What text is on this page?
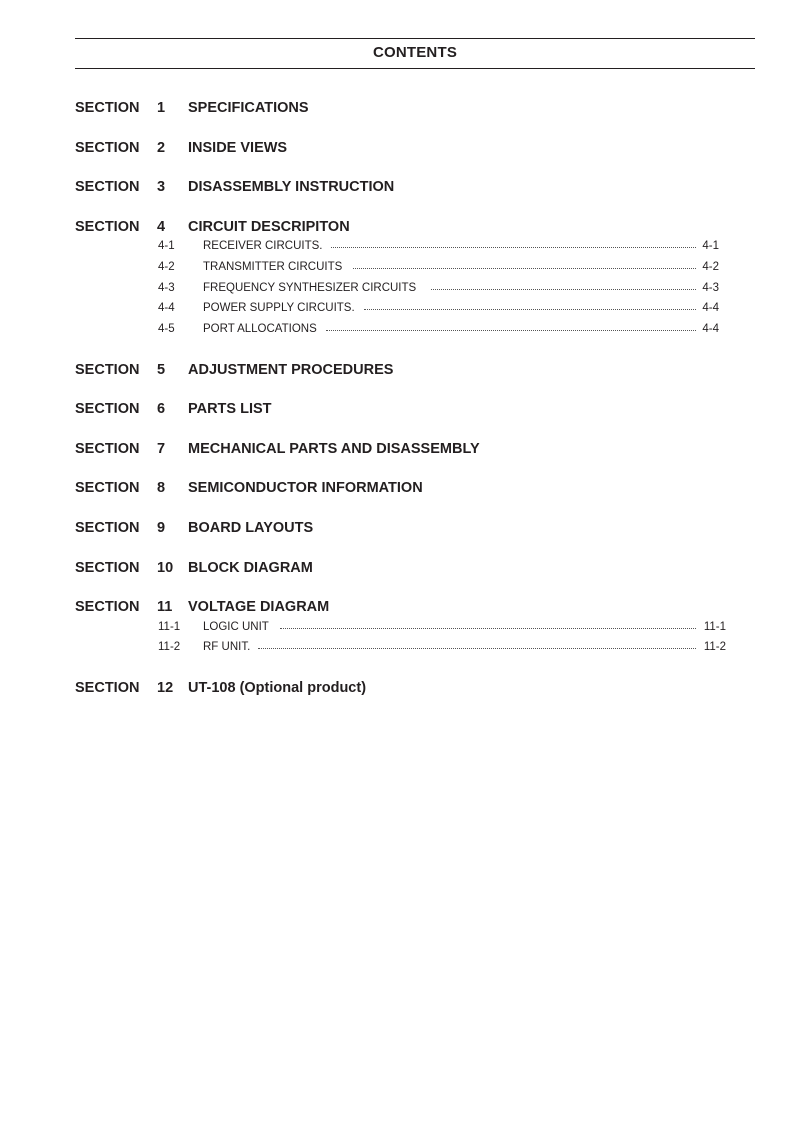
CONTENTS
SECTION 1 SPECIFICATIONS
SECTION 2 INSIDE VIEWS
SECTION 3 DISASSEMBLY INSTRUCTION
SECTION 4 CIRCUIT DESCRIPITON
4-1 RECEIVER CIRCUITS.	4-1
4-2 TRANSMITTER CIRCUITS	4-2
4-3 FREQUENCY SYNTHESIZER CIRCUITS	4-3
4-4 POWER SUPPLY CIRCUITS.	4-4
4-5 PORT ALLOCATIONS	4-4
SECTION 5 ADJUSTMENT PROCEDURES
SECTION 6 PARTS LIST
SECTION 7 MECHANICAL PARTS AND DISASSEMBLY
SECTION 8 SEMICONDUCTOR INFORMATION
SECTION 9 BOARD LAYOUTS
SECTION 10 BLOCK DIAGRAM
SECTION 11 VOLTAGE DIAGRAM
11-1 LOGIC UNIT	11-1
11-2 RF UNIT.	11-2
SECTION 12 UT-108 (Optional product)
